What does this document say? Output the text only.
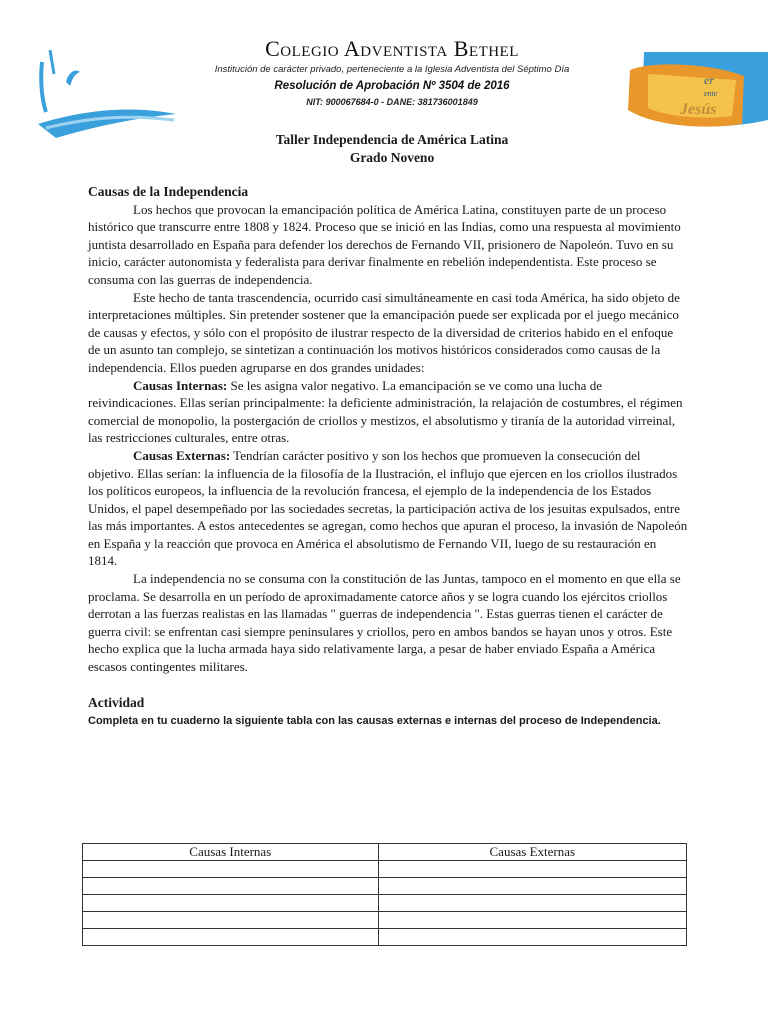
er
ente
Jesús
Colegio Adventista Bethel
Institución de carácter privado, perteneciente a la Iglesia Adventista del Séptimo Día
Resolución de Aprobación Nº 3504 de 2016
NIT: 900067684-0 - DANE: 381736001849
Taller Independencia de América Latina
Grado Noveno

Causas de la Independencia

Los hechos que provocan la emancipación política de América Latina, constituyen parte de un proceso histórico que transcurre entre 1808 y 1824. Proceso que se inició en las Indias, como una respuesta al movimiento juntista desarrollado en España para defender los derechos de Fernando VII, prisionero de Napoleón. Tuvo en su inicio, carácter autonomista y federalista para derivar finalmente en rebelión independentista. Este proceso se consuma con las guerras de independencia.

Este hecho de tanta trascendencia, ocurrido casi simultáneamente en casi toda América, ha sido objeto de interpretaciones múltiples. Sin pretender sostener que la emancipación puede ser explicada por el juego mecánico de causas y efectos, y sólo con el propósito de ilustrar respecto de la diversidad de criterios habido en el enfoque de un asunto tan complejo, se sintetizan a continuación los motivos históricos considerados como causas de la independencia. Ellos pueden agruparse en dos grandes unidades:

Causas Internas: Se les asigna valor negativo. La emancipación se ve como una lucha de reivindicaciones. Ellas serían principalmente: la deficiente administración, la relajación de costumbres, el régimen comercial de monopolio, la postergación de criollos y mestizos, el absolutismo y tiranía de la autoridad virreinal, las restricciones culturales, entre otras.

Causas Externas: Tendrían carácter positivo y son los hechos que promueven la consecución del objetivo. Ellas serían: la influencia de la filosofía de la Ilustración, el influjo que ejercen en los criollos ilustrados los políticos europeos, la influencia de la revolución francesa, el ejemplo de la independencia de los Estados Unidos, el papel desempeñado por las sociedades secretas, la participación activa de los jesuitas expulsados, entre las más importantes. A estos antecedentes se agregan, como hechos que apuran el proceso, la invasión de Napoleón en España y la reacción que provoca en América el absolutismo de Fernando VII, luego de su restauración en 1814.

La independencia no se consuma con la constitución de las Juntas, tampoco en el momento en que ella se proclama. Se desarrolla en un período de aproximadamente catorce años y se logra cuando los ejércitos criollos derrotan a las fuerzas realistas en las llamadas " guerras de independencia ". Estas guerras tienen el carácter de guerra civil: se enfrentan casi siempre peninsulares y criollos, pero en ambos bandos se hayan unos y otros. Este hecho explica que la lucha armada haya sido relativamente larga, a pesar de haber enviado España a América escasos contingentes militares.

Actividad

Completa en tu cuaderno la siguiente tabla con las causas externas e internas del proceso de Independencia.

Causas Internas	Causas Externas
